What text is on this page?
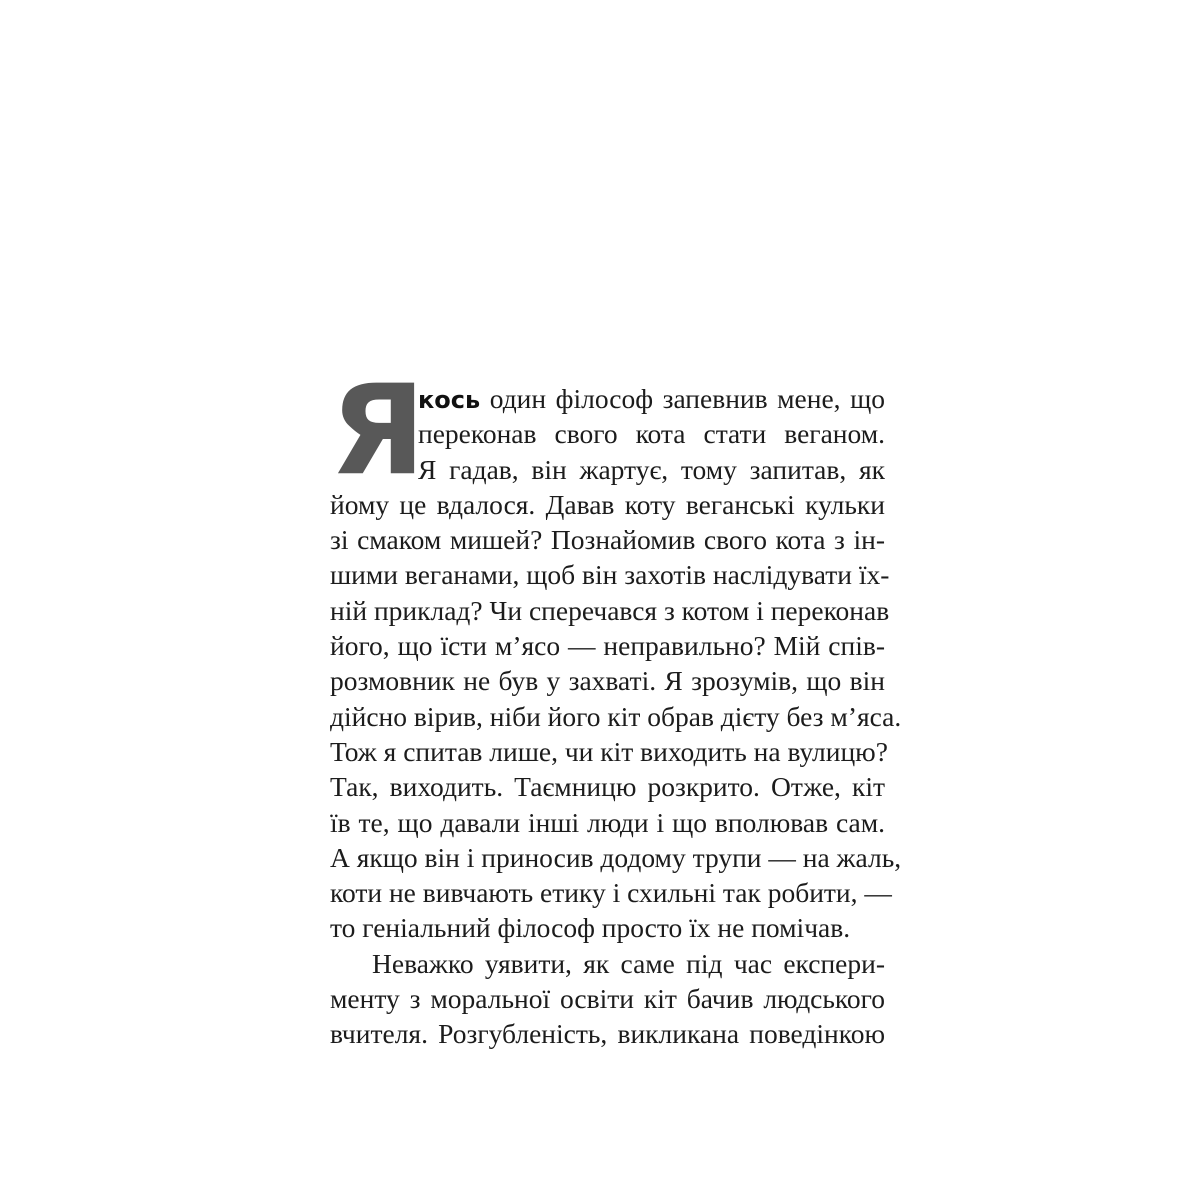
Я
кось один філософ запевнив мене, що
переконав свого кота стати веганом.
Я гадав, він жартує, тому запитав, як
йому це вдалося. Давав коту веганські кульки
зі смаком мишей? Познайомив свого кота з ін-
шими веганами, щоб він захотів наслідувати їх-
ній приклад? Чи сперечався з котом і переконав
його, що їсти м’ясо — неправильно? Мій спів-
розмовник не був у захваті. Я зрозумів, що він
дійсно вірив, ніби його кіт обрав дієту без м’яса.
Тож я спитав лише, чи кіт виходить на вулицю?
Так, виходить. Таємницю розкрито. Отже, кіт
їв те, що давали інші люди і що вполював сам.
А якщо він і приносив додому трупи — на жаль,
коти не вивчають етику і схильні так робити, —
то геніальний філософ просто їх не помічав.
Неважко уявити, як саме під час експери-
менту з моральної освіти кіт бачив людського
вчителя. Розгубленість, викликана поведінкою
